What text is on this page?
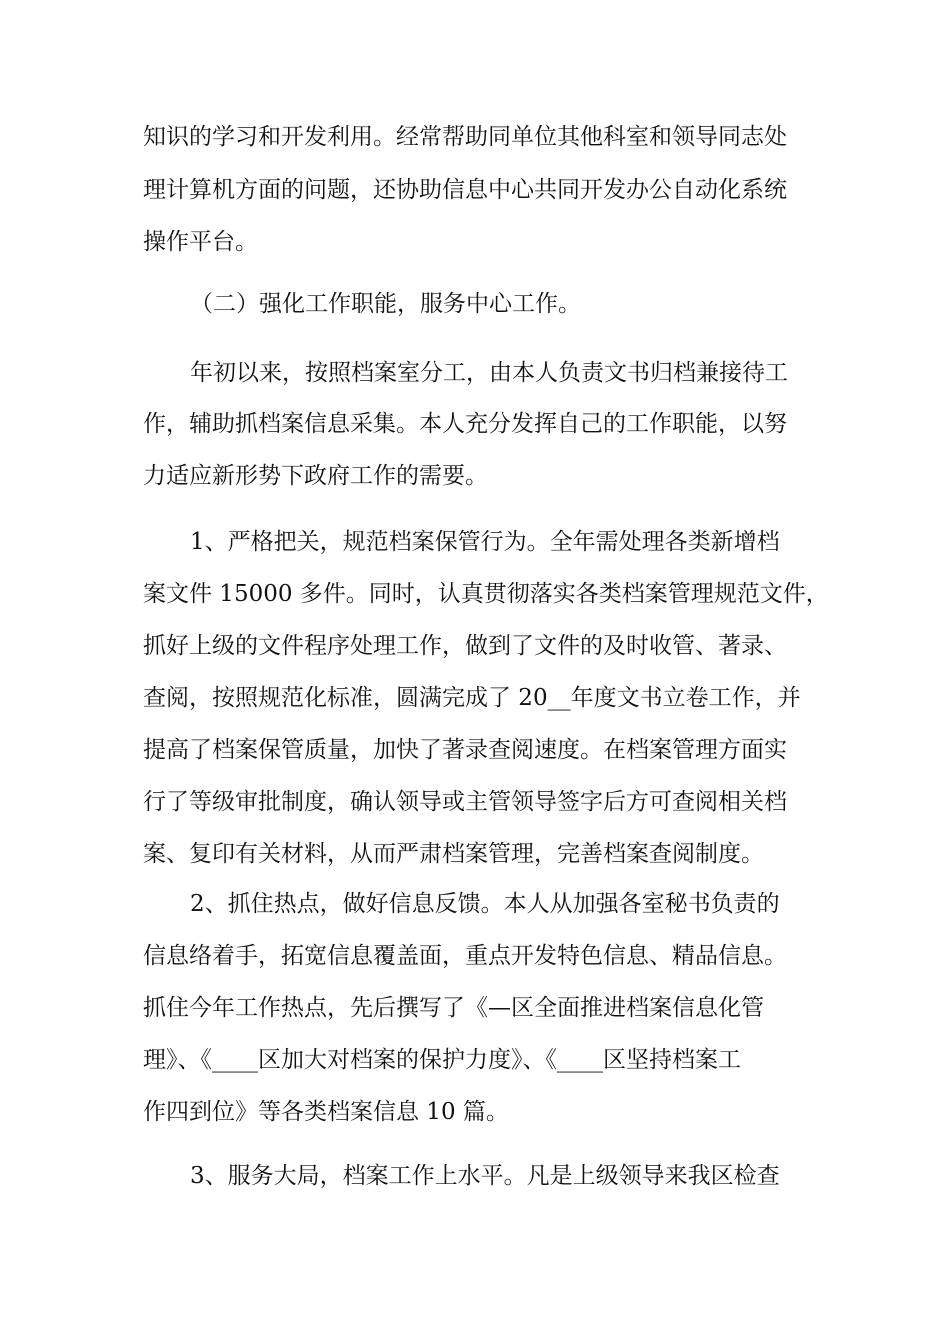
知识的学习和开发利用。经常帮助同单位其他科室和领导同志处
理计算机方面的问题，还协助信息中心共同开发办公自动化系统
操作平台。
（二）强化工作职能，服务中心工作。
年初以来，按照档案室分工，由本人负责文书归档兼接待工
作，辅助抓档案信息采集。本人充分发挥自己的工作职能，以努
力适应新形势下政府工作的需要。
1、严格把关，规范档案保管行为。全年需处理各类新增档
案文件 15000 多件。同时，认真贯彻落实各类档案管理规范文件，
抓好上级的文件程序处理工作，做到了文件的及时收管、著录、
查阅，按照规范化标准，圆满完成了 20__年度文书立卷工作，并
提高了档案保管质量，加快了著录查阅速度。在档案管理方面实
行了等级审批制度，确认领导或主管领导签字后方可查阅相关档
案、复印有关材料，从而严肃档案管理，完善档案查阅制度。
2、抓住热点，做好信息反馈。本人从加强各室秘书负责的
信息络着手，拓宽信息覆盖面，重点开发特色信息、精品信息。
抓住今年工作热点，先后撰写了《—区全面推进档案信息化管
理》、《____区加大对档案的保护力度》、《____区坚持档案工
作四到位》等各类档案信息 10 篇。
3、服务大局，档案工作上水平。凡是上级领导来我区检查
